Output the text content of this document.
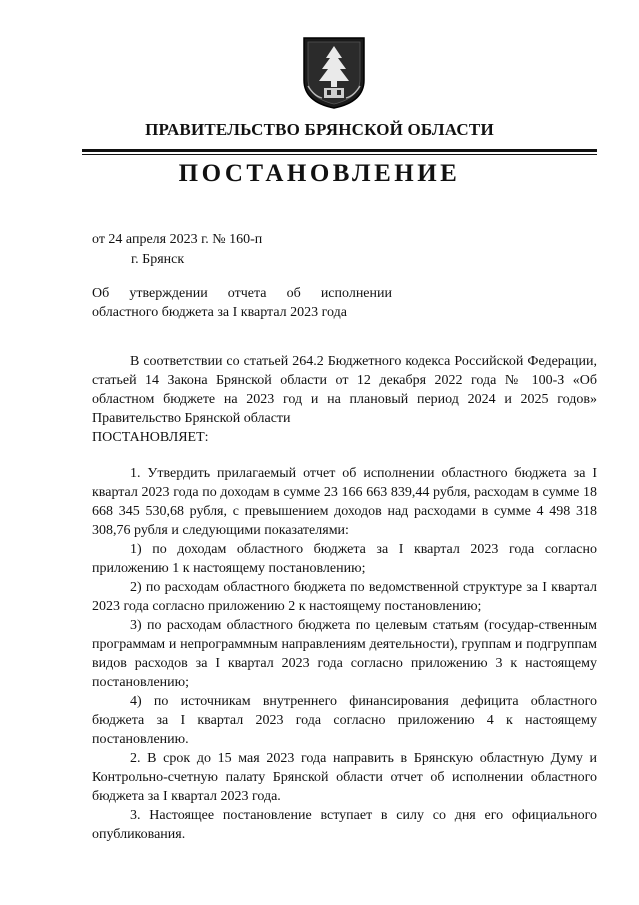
ПРАВИТЕЛЬСТВО БРЯНСКОЙ ОБЛАСТИ
ПОСТАНОВЛЕНИЕ
от 24 апреля 2023 г. № 160-п
г. Брянск
Об утверждении отчета об исполнении
областного бюджета за I квартал 2023 года
В соответствии со статьей 264.2 Бюджетного кодекса Российской Федерации, статьей 14 Закона Брянской области от 12 декабря 2022 года № 100-З «Об областном бюджете на 2023 год и на плановый период 2024 и 2025 годов» Правительство Брянской области
ПОСТАНОВЛЯЕТ:
1. Утвердить прилагаемый отчет об исполнении областного бюджета за I квартал 2023 года по доходам в сумме 23 166 663 839,44 рубля, расходам в сумме 18 668 345 530,68 рубля, с превышением доходов над расходами в сумме 4 498 318 308,76 рубля и следующими показателями:
1) по доходам областного бюджета за I квартал 2023 года согласно приложению 1 к настоящему постановлению;
2) по расходам областного бюджета по ведомственной структуре за I квартал 2023 года согласно приложению 2 к настоящему постановлению;
3) по расходам областного бюджета по целевым статьям (государ-ственным программам и непрограммным направлениям деятельности), группам и подгруппам видов расходов за I квартал 2023 года согласно приложению 3 к настоящему постановлению;
4) по источникам внутреннего финансирования дефицита областного бюджета за I квартал 2023 года согласно приложению 4 к настоящему постановлению.
2. В срок до 15 мая 2023 года направить в Брянскую областную Думу и Контрольно-счетную палату Брянской области отчет об исполнении областного бюджета за I квартал 2023 года.
3. Настоящее постановление вступает в силу со дня его официального опубликования.
